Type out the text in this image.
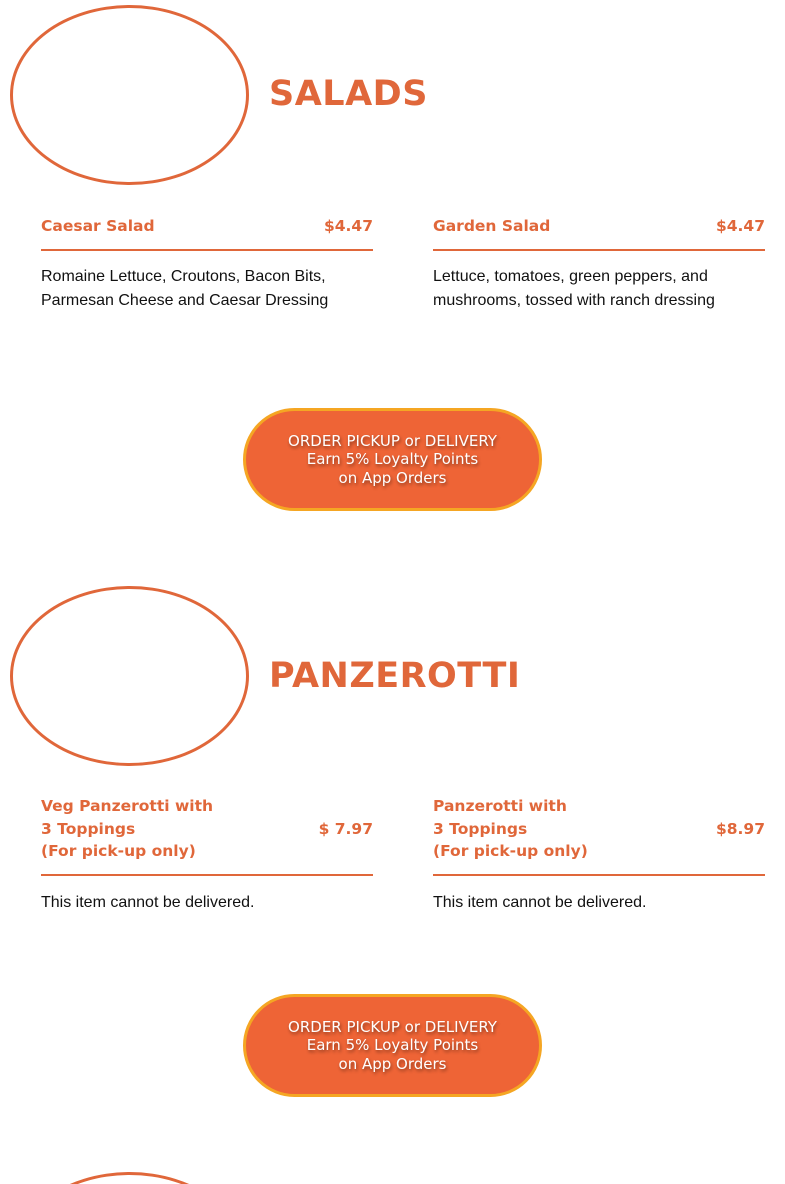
SALADS
Caesar Salad	$4.47
Romaine Lettuce, Croutons, Bacon Bits, Parmesan Cheese and Caesar Dressing
Garden Salad	$4.47
Lettuce, tomatoes, green peppers, and mushrooms, tossed with ranch dressing
ORDER PICKUP or DELIVERY
Earn 5% Loyalty Points
on App Orders
PANZEROTTI
Veg Panzerotti with
3 Toppings
(For pick-up only)
$ 7.97
This item cannot be delivered.
Panzerotti with
3 Toppings
(For pick-up only)
$8.97
This item cannot be delivered.
ORDER PICKUP or DELIVERY
Earn 5% Loyalty Points
on App Orders
